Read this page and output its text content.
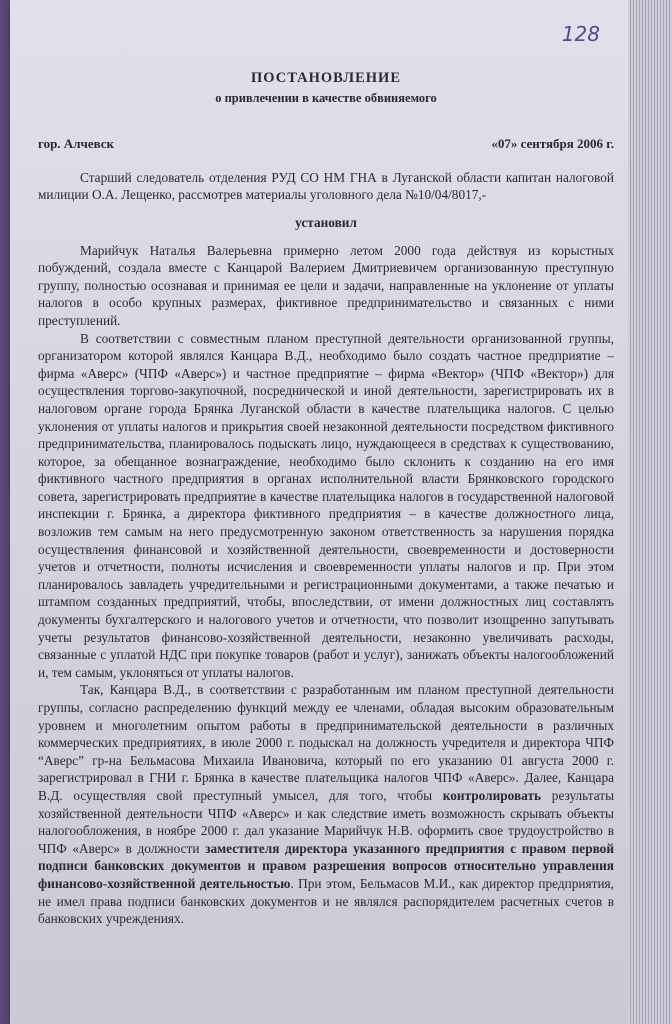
128
ПОСТАНОВЛЕНИЕ
о привлечении в качестве обвиняемого
гор. Алчевск	«07» сентября 2006 г.

Старший следователь отделения РУД СО НМ ГНА в Луганской области капитан налоговой милиции О.А. Лещенко, рассмотрев материалы уголовного дела №10/04/8017,-

установил

Марийчук Наталья Валерьевна примерно летом 2000 года действуя из корыстных побуждений, создала вместе с Канцарой Валерием Дмитриевичем организованную преступную группу, полностью осознавая и принимая ее цели и задачи, направленные на уклонение от уплаты налогов в особо крупных размерах, фиктивное предпринимательство и связанных с ними преступлений.

В соответствии с совместным планом преступной деятельности организованной группы, организатором которой являлся Канцара В.Д., необходимо было создать частное предприятие – фирма «Аверс» (ЧПФ «Аверс») и частное предприятие – фирма «Вектор» (ЧПФ «Вектор») для осуществления торгово-закупочной, посреднической и иной деятельности, зарегистрировать их в налоговом органе города Брянка Луганской области в качестве плательщика налогов. С целью уклонения от уплаты налогов и прикрытия своей незаконной деятельности посредством фиктивного предпринимательства, планировалось подыскать лицо, нуждающееся в средствах к существованию, которое, за обещанное вознаграждение, необходимо было склонить к созданию на его имя фиктивного частного предприятия в органах исполнительной власти Брянковского городского совета, зарегистрировать предприятие в качестве плательщика налогов в государственной налоговой инспекции г. Брянка, а директора фиктивного предприятия – в качестве должностного лица, возложив тем самым на него предусмотренную законом ответственность за нарушения порядка осуществления финансовой и хозяйственной деятельности, своевременности и достоверности учетов и отчетности, полноты исчисления и своевременности уплаты налогов и пр. При этом планировалось завладеть учредительными и регистрационными документами, а также печатью и штампом созданных предприятий, чтобы, впоследствии, от имени должностных лиц составлять документы бухгалтерского и налогового учетов и отчетности, что позволит изощренно запутывать учеты результатов финансово-хозяйственной деятельности, незаконно увеличивать расходы, связанные с уплатой НДС при покупке товаров (работ и услуг), занижать объекты налогообложений и, тем самым, уклоняться от уплаты налогов.

Так, Канцара В.Д., в соответствии с разработанным им планом преступной деятельности группы, согласно распределению функций между ее членами, обладая высоким образовательным уровнем и многолетним опытом работы в предпринимательской деятельности в различных коммерческих предприятиях, в июле 2000 г. подыскал на должность учредителя и директора ЧПФ “Аверс” гр-на Бельмасова Михаила Ивановича, который по его указанию 01 августа 2000 г. зарегистрировал в ГНИ г. Брянка в качестве плательщика налогов ЧПФ «Аверс». Далее, Канцара В.Д. осуществляя свой преступный умысел, для того, чтобы контролировать результаты хозяйственной деятельности ЧПФ «Аверс» и как следствие иметь возможность скрывать объекты налогообложения, в ноябре 2000 г. дал указание Марийчук Н.В. оформить свое трудоустройство в ЧПФ «Аверс» в должности заместителя директора указанного предприятия с правом первой подписи банковских документов и правом разрешения вопросов относительно управления финансово-хозяйственной деятельностью. При этом, Бельмасов М.И., как директор предприятия, не имел права подписи банковских документов и не являлся распорядителем расчетных счетов в банковских учреждениях.
